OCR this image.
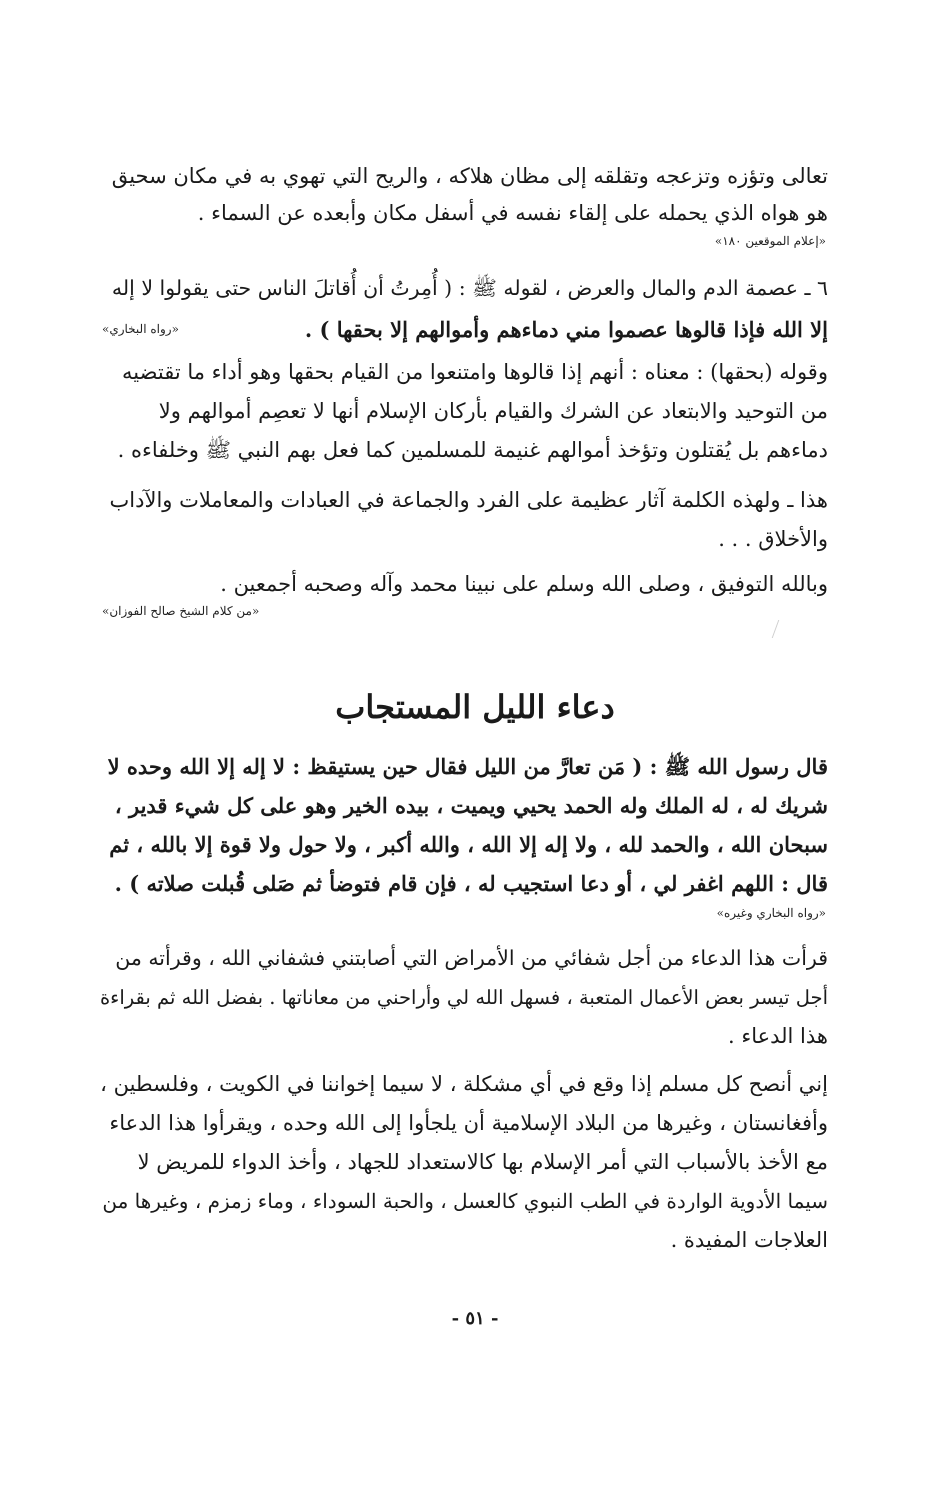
تعالى وتؤزه وتزعجه وتقلقه إلى مظان هلاكه ، والريح التي تهوي به في مكان سحيق
هو هواه الذي يحمله على إلقاء نفسه في أسفل مكان وأبعده عن السماء .
«إعلام الموقعين ١٨٠»
٦ ـ عصمة الدم والمال والعرض ، لقوله ﷺ : ( أُمِرتُ أن أُقاتلَ الناس حتى يقولوا لا إله
إلا الله فإذا قالوها عصموا مني دماءهم وأموالهم إلا بحقها ) .
«رواه البخاري»
وقوله (بحقها) : معناه : أنهم إذا قالوها وامتنعوا من القيام بحقها وهو أداء ما تقتضيه
من التوحيد والابتعاد عن الشرك والقيام بأركان الإسلام أنها لا تعصِم أموالهم ولا
دماءهم بل يُقتلون وتؤخذ أموالهم غنيمة للمسلمين كما فعل بهم النبي ﷺ وخلفاءه .
هذا ـ ولهذه الكلمة آثار عظيمة على الفرد والجماعة في العبادات والمعاملات والآداب
والأخلاق . . .
وبالله التوفيق ، وصلى الله وسلم على نبينا محمد وآله وصحبه أجمعين .
«من كلام الشيخ صالح الفوزان»
دعاء الليل المستجاب
قال رسول الله ﷺ : ( مَن تعارَّ من الليل فقال حين يستيقظ : لا إله إلا الله وحده لا
شريك له ، له الملك وله الحمد يحيي ويميت ، بيده الخير وهو على كل شيء قدير ،
سبحان الله ، والحمد لله ، ولا إله إلا الله ، والله أكبر ، ولا حول ولا قوة إلا بالله ، ثم
قال : اللهم اغفر لي ، أو دعا استجيب له ، فإن قام فتوضأ ثم صَلى قُبلت صلاته ) .
«رواه البخاري وغيره»
قرأت هذا الدعاء من أجل شفائي من الأمراض التي أصابتني فشفاني الله ، وقرأته من
أجل تيسر بعض الأعمال المتعبة ، فسهل الله لي وأراحني من معاناتها . بفضل الله ثم بقراءة
هذا الدعاء .
إني أنصح كل مسلم إذا وقع في أي مشكلة ، لا سيما إخواننا في الكويت ، وفلسطين ،
وأفغانستان ، وغيرها من البلاد الإسلامية أن يلجأوا إلى الله وحده ، ويقرأوا هذا الدعاء
مع الأخذ بالأسباب التي أمر الإسلام بها كالاستعداد للجهاد ، وأخذ الدواء للمريض لا
سيما الأدوية الواردة في الطب النبوي كالعسل ، والحبة السوداء ، وماء زمزم ، وغيرها من
العلاجات المفيدة .
- ٥١ -
